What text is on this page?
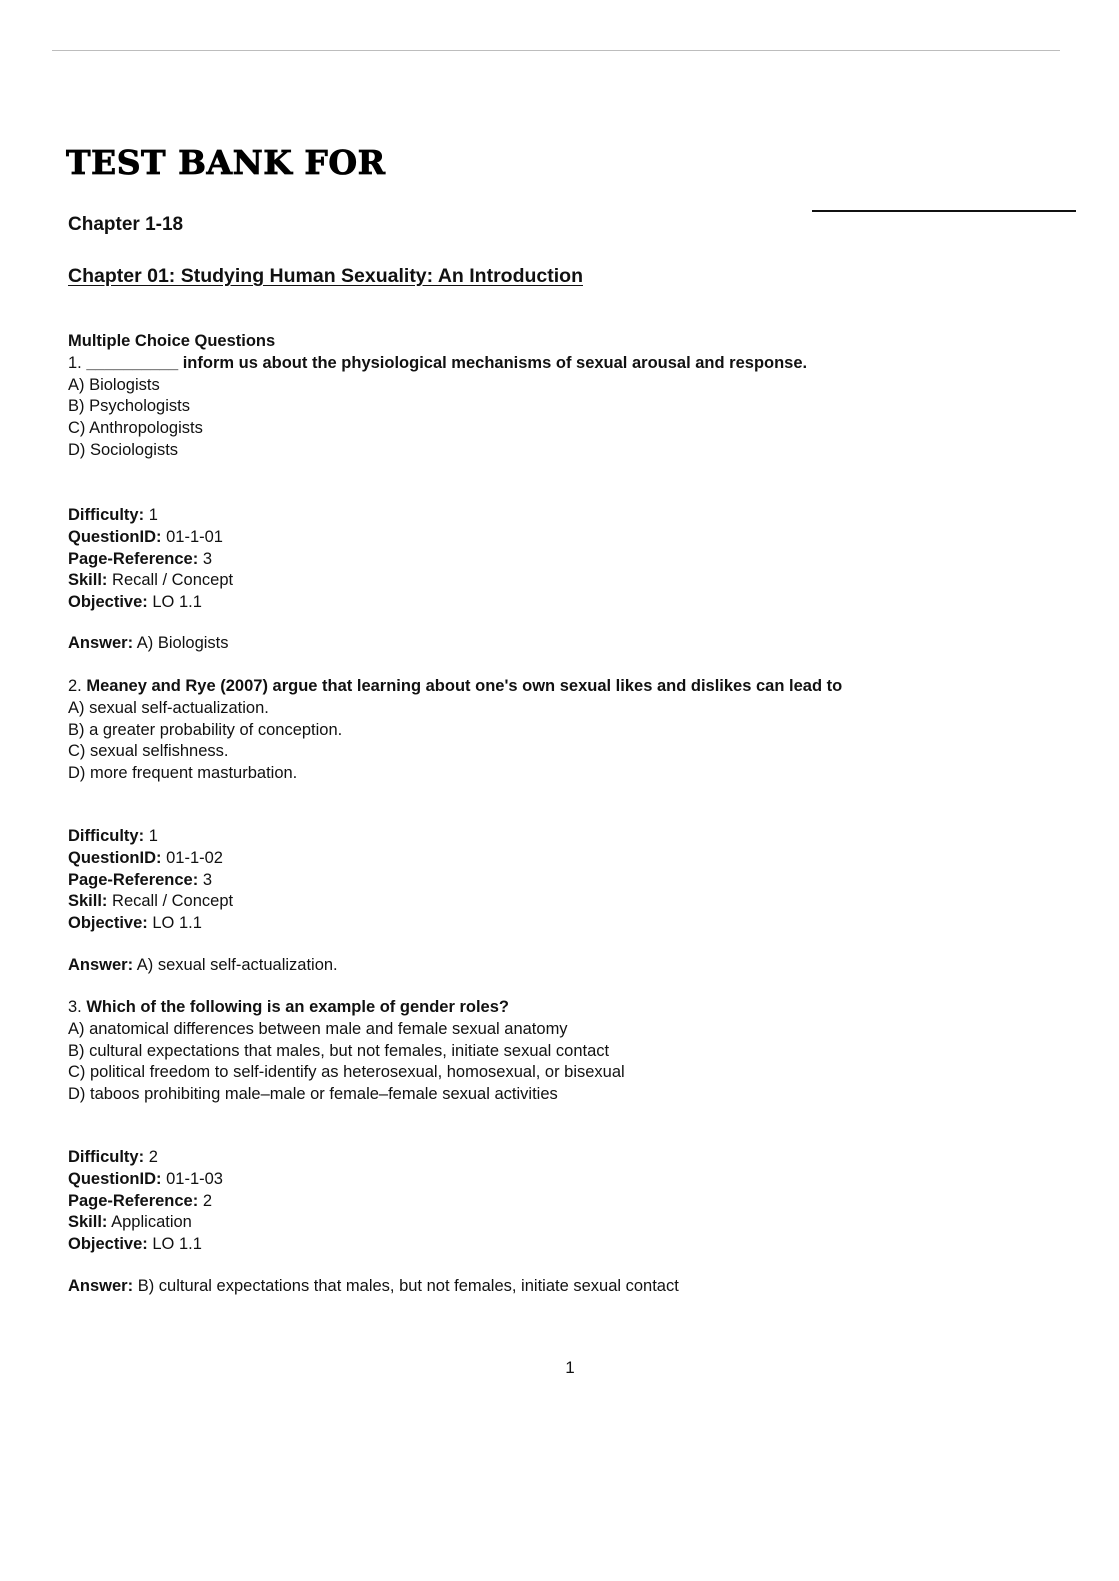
TEST BANK FOR
Chapter 1-18
Chapter 01: Studying Human Sexuality: An Introduction

Multiple Choice Questions

1. __________ inform us about the physiological mechanisms of sexual arousal and response.

A) Biologists

B) Psychologists

C) Anthropologists

D) Sociologists

Difficulty: 1

QuestionID: 01-1-01

Page-Reference: 3

Skill: Recall / Concept

Objective: LO 1.1

Answer: A) Biologists

2. Meaney and Rye (2007) argue that learning about one's own sexual likes and dislikes can lead to

A) sexual self-actualization.

B) a greater probability of conception.

C) sexual selfishness.

D) more frequent masturbation.

Difficulty: 1

QuestionID: 01-1-02

Page-Reference: 3

Skill: Recall / Concept

Objective: LO 1.1

Answer: A) sexual self-actualization.

3. Which of the following is an example of gender roles?

A) anatomical differences between male and female sexual anatomy

B) cultural expectations that males, but not females, initiate sexual contact

C) political freedom to self-identify as heterosexual, homosexual, or bisexual

D) taboos prohibiting male–male or female–female sexual activities

Difficulty: 2

QuestionID: 01-1-03

Page-Reference: 2

Skill: Application

Objective: LO 1.1

Answer: B) cultural expectations that males, but not females, initiate sexual contact

1
